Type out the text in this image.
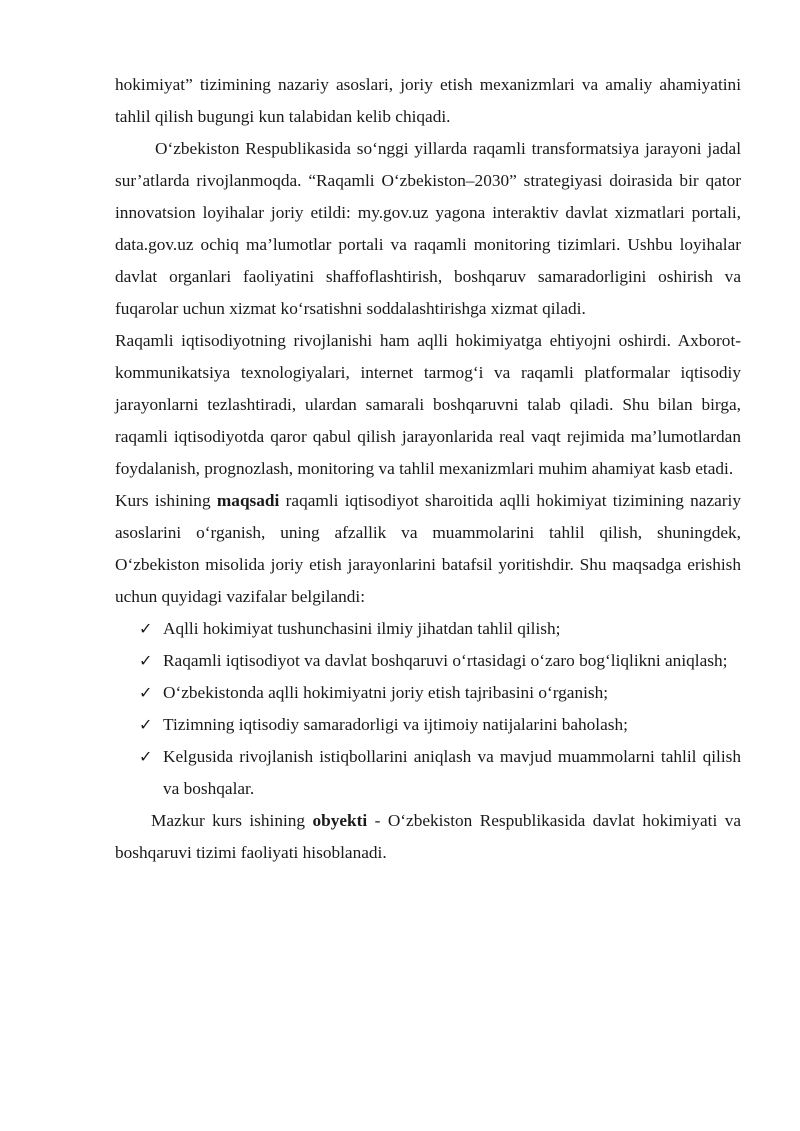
hokimiyat” tizimining nazariy asoslari, joriy etish mexanizmlari va amaliy ahamiyatini tahlil qilish bugungi kun talabidan kelib chiqadi.

O‘zbekiston Respublikasida so‘nggi yillarda raqamli transformatsiya jarayoni jadal sur’atlarda rivojlanmoqda. “Raqamli O‘zbekiston–2030” strategiyasi doirasida bir qator innovatsion loyihalar joriy etildi: my.gov.uz yagona interaktiv davlat xizmatlari portali, data.gov.uz ochiq ma’lumotlar portali va raqamli monitoring tizimlari. Ushbu loyihalar davlat organlari faoliyatini shaffoflashtirish, boshqaruv samaradorligini oshirish va fuqarolar uchun xizmat ko‘rsatishni soddalashtirishga xizmat qiladi.

Raqamli iqtisodiyotning rivojlanishi ham aqlli hokimiyatga ehtiyojni oshirdi. Axborot-kommunikatsiya texnologiyalari, internet tarmog‘i va raqamli platformalar iqtisodiy jarayonlarni tezlashtiradi, ulardan samarali boshqaruvni talab qiladi. Shu bilan birga, raqamli iqtisodiyotda qaror qabul qilish jarayonlarida real vaqt rejimida ma’lumotlardan foydalanish, prognozlash, monitoring va tahlil mexanizmlari muhim ahamiyat kasb etadi.

Kurs ishining maqsadi raqamli iqtisodiyot sharoitida aqlli hokimiyat tizimining nazariy asoslarini o‘rganish, uning afzallik va muammolarini tahlil qilish, shuningdek, O‘zbekiston misolida joriy etish jarayonlarini batafsil yoritishdir. Shu maqsadga erishish uchun quyidagi vazifalar belgilandi:

✓ Aqlli hokimiyat tushunchasini ilmiy jihatdan tahlil qilish;
✓ Raqamli iqtisodiyot va davlat boshqaruvi o‘rtasidagi o‘zaro bog‘liqlikni aniqlash;
✓ O‘zbekistonda aqlli hokimiyatni joriy etish tajribasini o‘rganish;
✓ Tizimning iqtisodiy samaradorligi va ijtimoiy natijalarini baholash;
✓ Kelgusida rivojlanish istiqbollarini aniqlash va mavjud muammolarni tahlil qilish va boshqalar.

Mazkur kurs ishining obyekti - O‘zbekiston Respublikasida davlat hokimiyati va boshqaruvi tizimi faoliyati hisoblanadi.
